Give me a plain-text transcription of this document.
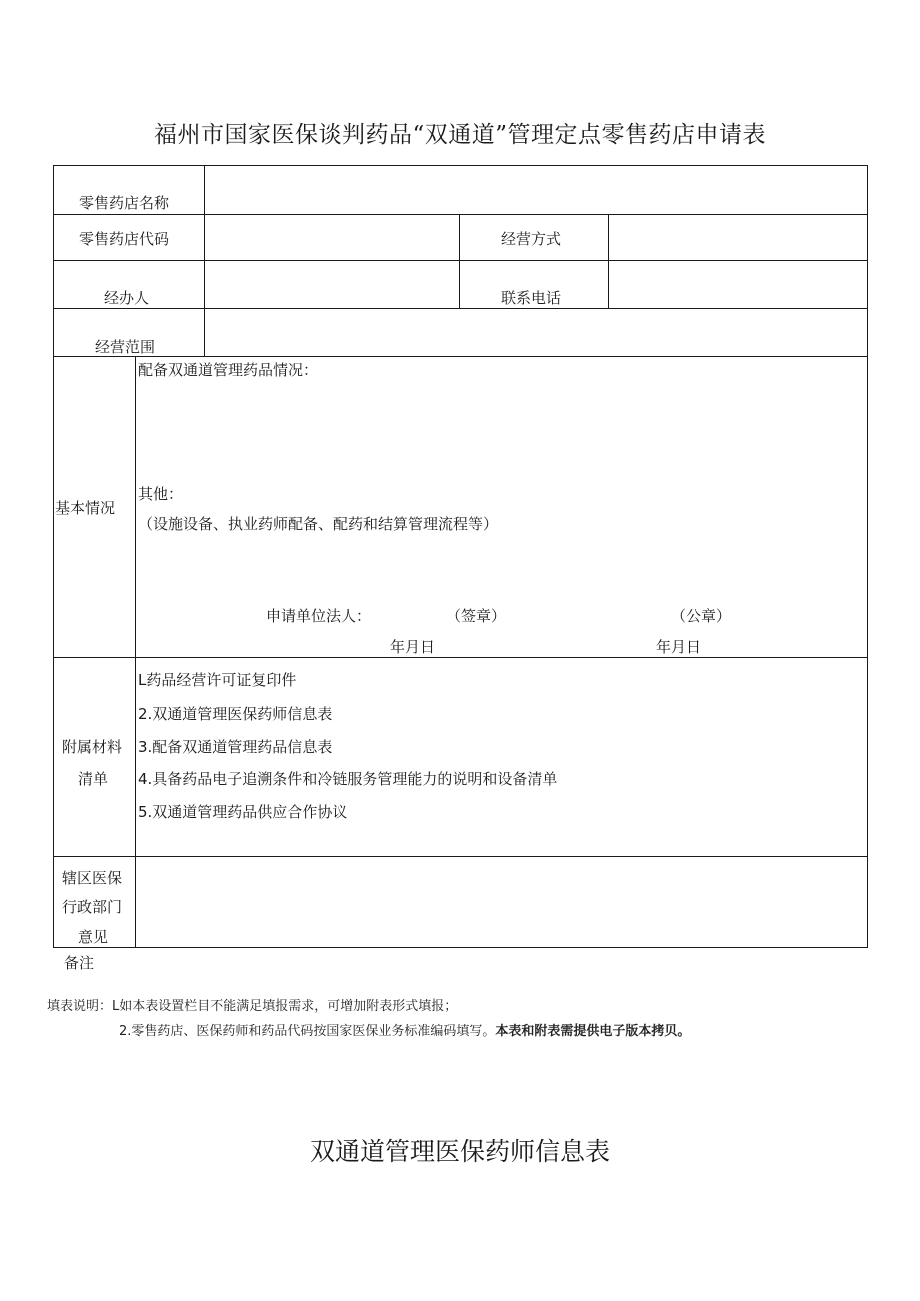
福州市国家医保谈判药品“双通道”管理定点零售药店申请表
零售药店名称
零售药店代码	经营方式
经办人	联系电话
经营范围
基本情况
配备双通道管理药品情况：
其他：
（设施设备、执业药师配备、配药和结算管理流程等）
申请单位法人：	（签章）	（公章）
年月日	年月日
附属材料
清单
L药品经营许可证复印件
2.双通道管理医保药师信息表
3.配备双通道管理药品信息表
4.具备药品电子追溯条件和冷链服务管理能力的说明和设备清单
5.双通道管理药品供应合作协议
辖区医保
行政部门
意见
备注
填表说明：L如本表设置栏目不能满足填报需求，可增加附表形式填报；
2.零售药店、医保药师和药品代码按国家医保业务标准编码填写。本表和附表需提供电子版本拷贝。
双通道管理医保药师信息表
